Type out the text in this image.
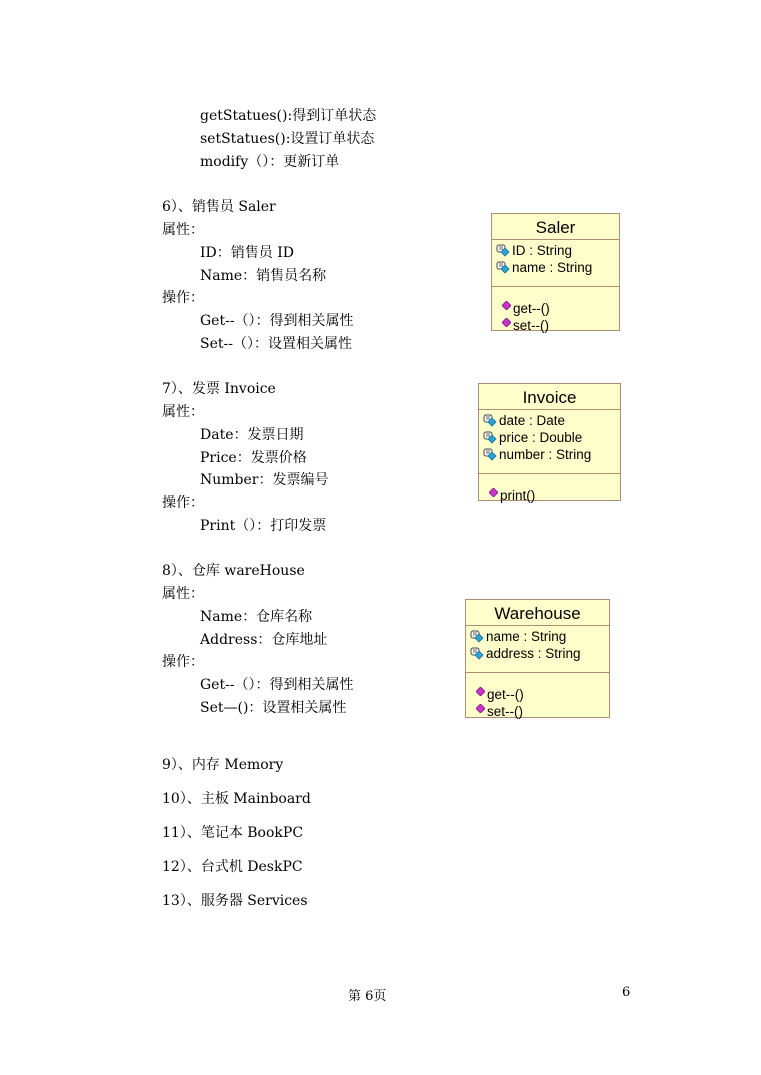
getStatues():得到订单状态
setStatues():设置订单状态
modify（）：更新订单
6）、销售员 Saler
属性：
ID：销售员 ID
Name：销售员名称
操作：
Get--（）：得到相关属性
Set--（）：设置相关属性
7）、发票 Invoice
属性：
Date：发票日期
Price：发票价格
Number：发票编号
操作：
Print（）：打印发票
8）、仓库 wareHouse
属性：
Name：仓库名称
Address：仓库地址
操作：
Get--（）：得到相关属性
Set—()：设置相关属性
9）、内存 Memory
10）、主板 Mainboard
11）、笔记本 BookPC
12）、台式机 DeskPC
13）、服务器 Services
Saler
ID : String
name : String
get--()
set--()
Invoice
date : Date
price : Double
number : String
print()
Warehouse
name : String
address : String
get--()
set--()
第 6页	6
